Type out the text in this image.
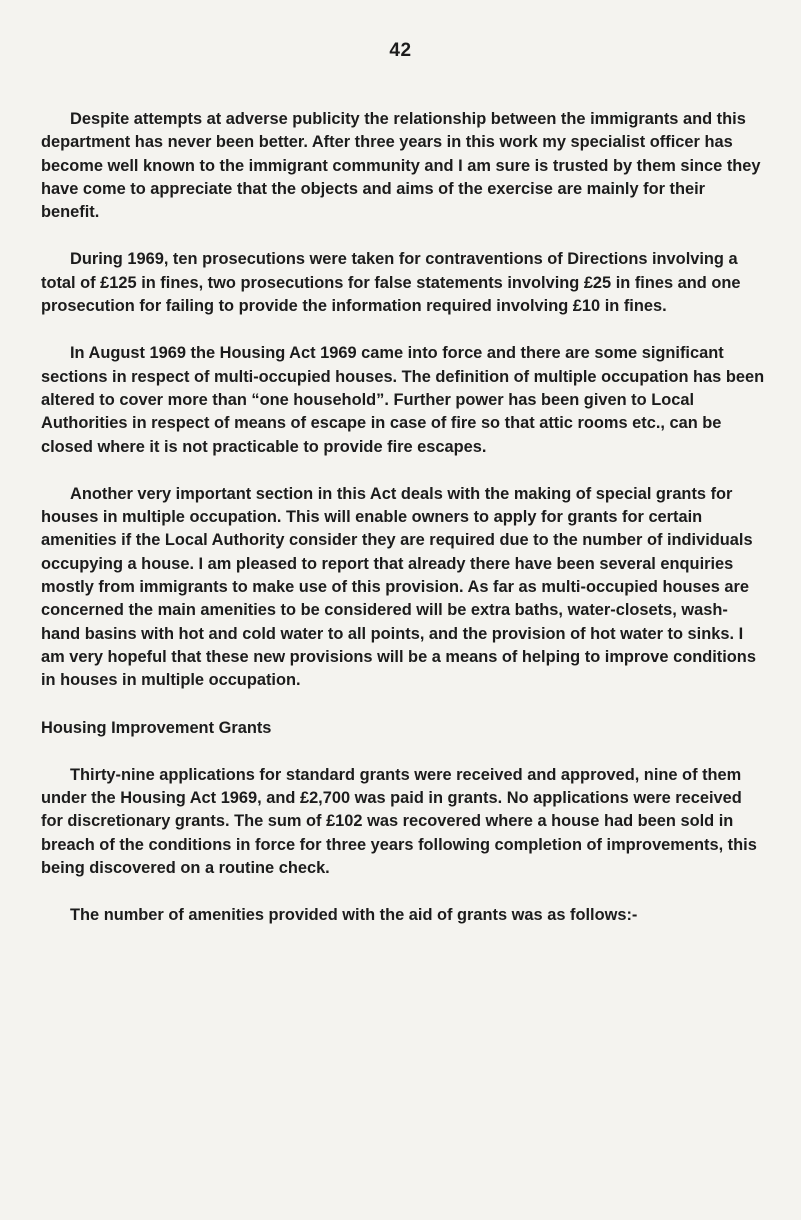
42

Despite attempts at adverse publicity the relationship between the immigrants and this department has never been better. After three years in this work my specialist officer has become well known to the immigrant community and I am sure is trusted by them since they have come to appreciate that the objects and aims of the exercise are mainly for their benefit.

During 1969, ten prosecutions were taken for contraventions of Directions involving a total of £125 in fines, two prosecutions for false statements involving £25 in fines and one prosecution for failing to provide the information required involving £10 in fines.

In August 1969 the Housing Act 1969 came into force and there are some significant sections in respect of multi-occupied houses. The definition of multiple occupation has been altered to cover more than “one household”. Further power has been given to Local Authorities in respect of means of escape in case of fire so that attic rooms etc., can be closed where it is not practicable to provide fire escapes.

Another very important section in this Act deals with the making of special grants for houses in multiple occupation. This will enable owners to apply for grants for certain amenities if the Local Authority consider they are required due to the number of individuals occupying a house. I am pleased to report that already there have been several enquiries mostly from immigrants to make use of this provision. As far as multi-occupied houses are concerned the main amenities to be considered will be extra baths, water-closets, wash-hand basins with hot and cold water to all points, and the provision of hot water to sinks. I am very hopeful that these new provisions will be a means of helping to improve conditions in houses in multiple occupation.

Housing Improvement Grants

Thirty-nine applications for standard grants were received and approved, nine of them under the Housing Act 1969, and £2,700 was paid in grants. No applications were received for discretionary grants. The sum of £102 was recovered where a house had been sold in breach of the conditions in force for three years following completion of improvements, this being discovered on a routine check.

The number of amenities provided with the aid of grants was as follows:-
